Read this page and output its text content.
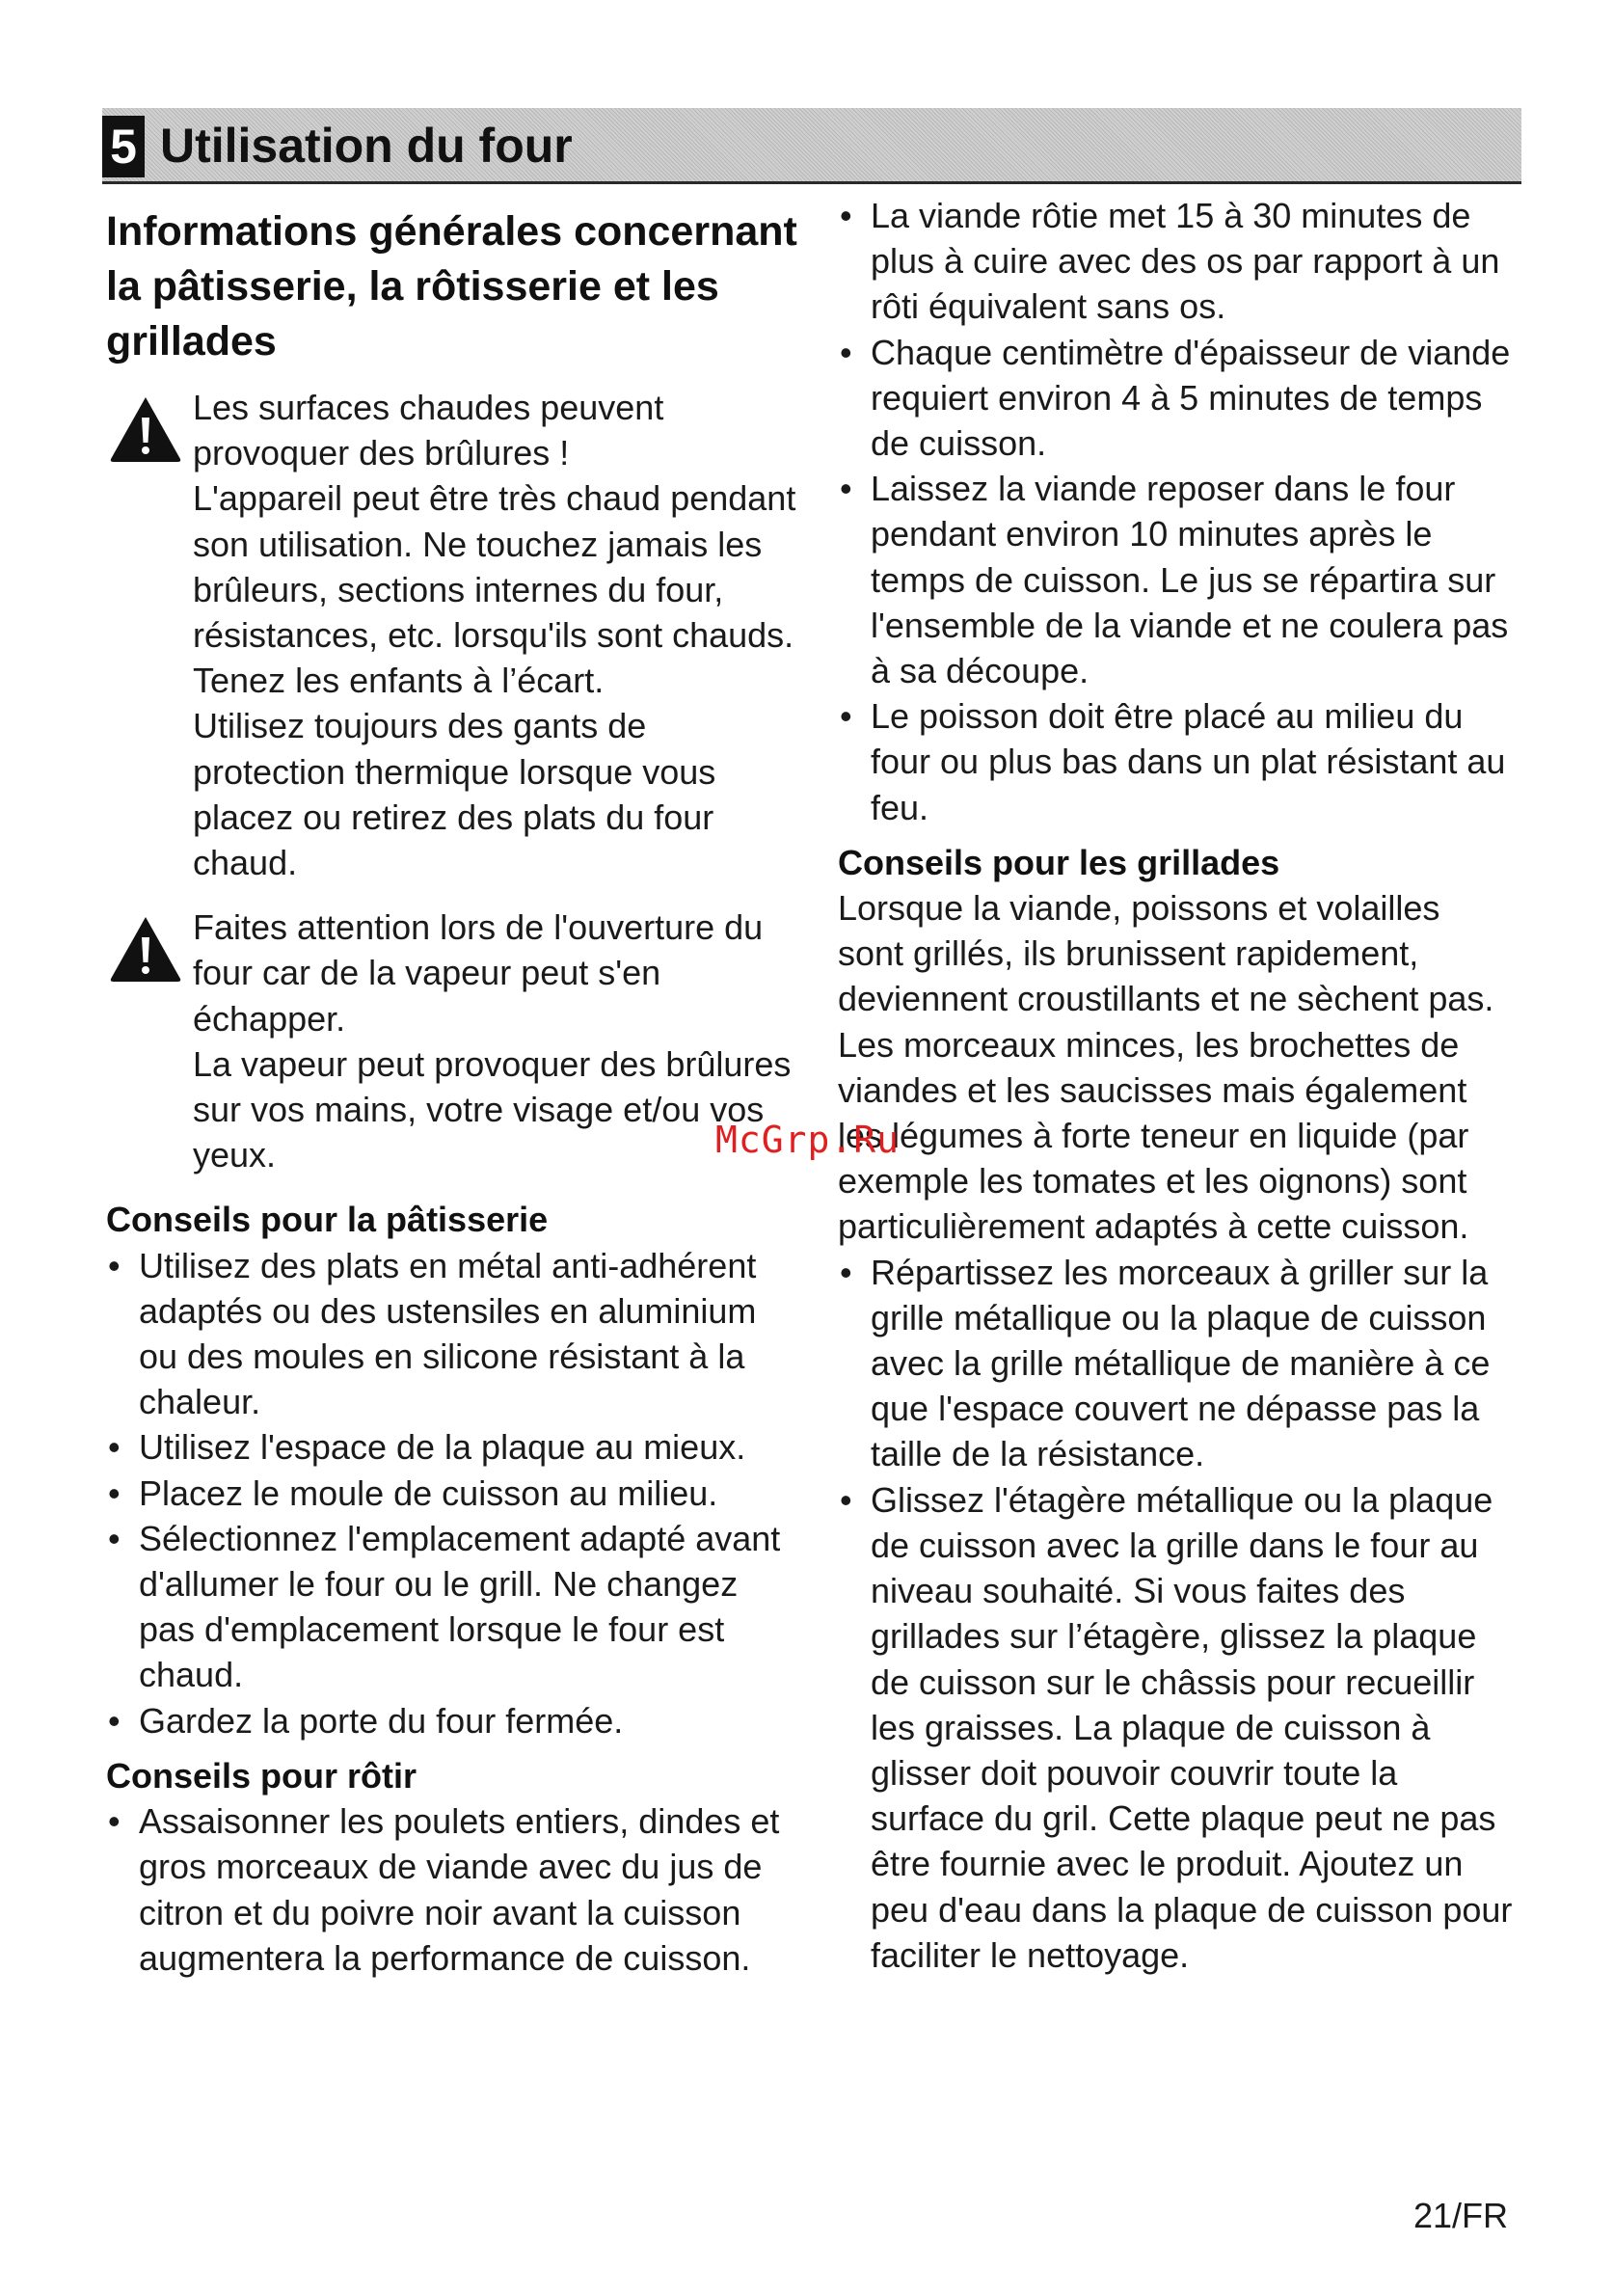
5 Utilisation du four
Informations générales concernant la pâtisserie, la rôtisserie et les grillades

Les surfaces chaudes peuvent provoquer des brûlures !

L'appareil peut être très chaud pendant son utilisation. Ne touchez jamais les brûleurs, sections internes du four, résistances, etc. lorsqu'ils sont chauds. Tenez les enfants à l’écart.

Utilisez toujours des gants de protection thermique lorsque vous placez ou retirez des plats du four chaud.

Faites attention lors de l'ouverture du four car de la vapeur peut s'en échapper.

La vapeur peut provoquer des brûlures sur vos mains, votre visage et/ou vos yeux.

Conseils pour la pâtisserie
• Utilisez des plats en métal anti-adhérent adaptés ou des ustensiles en aluminium ou des moules en silicone résistant à la chaleur.
• Utilisez l'espace de la plaque au mieux.
• Placez le moule de cuisson au milieu.
• Sélectionnez l'emplacement adapté avant d'allumer le four ou le grill. Ne changez pas d'emplacement lorsque le four est chaud.
• Gardez la porte du four fermée.
Conseils pour rôtir
• Assaisonner les poulets entiers, dindes et gros morceaux de viande avec du jus de citron et du poivre noir avant la cuisson augmentera la performance de cuisson.
• La viande rôtie met 15 à 30 minutes de plus à cuire avec des os par rapport à un rôti équivalent sans os.
• Chaque centimètre d'épaisseur de viande requiert environ 4 à 5 minutes de temps de cuisson.
• Laissez la viande reposer dans le four pendant environ 10 minutes après le temps de cuisson. Le jus se répartira sur l'ensemble de la viande et ne coulera pas à sa découpe.
• Le poisson doit être placé au milieu du four ou plus bas dans un plat résistant au feu.
Conseils pour les grillades

Lorsque la viande, poissons et volailles sont grillés, ils brunissent rapidement, deviennent croustillants et ne sèchent pas. Les morceaux minces, les brochettes de viandes et les saucisses mais également les légumes à forte teneur en liquide (par exemple les tomates et les oignons) sont particulièrement adaptés à cette cuisson.

• Répartissez les morceaux à griller sur la grille métallique ou la plaque de cuisson avec la grille métallique de manière à ce que l'espace couvert ne dépasse pas la taille de la résistance.
• Glissez l'étagère métallique ou la plaque de cuisson avec la grille dans le four au niveau souhaité. Si vous faites des grillades sur l’étagère, glissez la plaque de cuisson sur le châssis pour recueillir les graisses. La plaque de cuisson à glisser doit pouvoir couvrir toute la surface du gril. Cette plaque peut ne pas être fournie avec le produit. Ajoutez un peu d'eau dans la plaque de cuisson pour faciliter le nettoyage.
McGrp.Ru
21/FR
